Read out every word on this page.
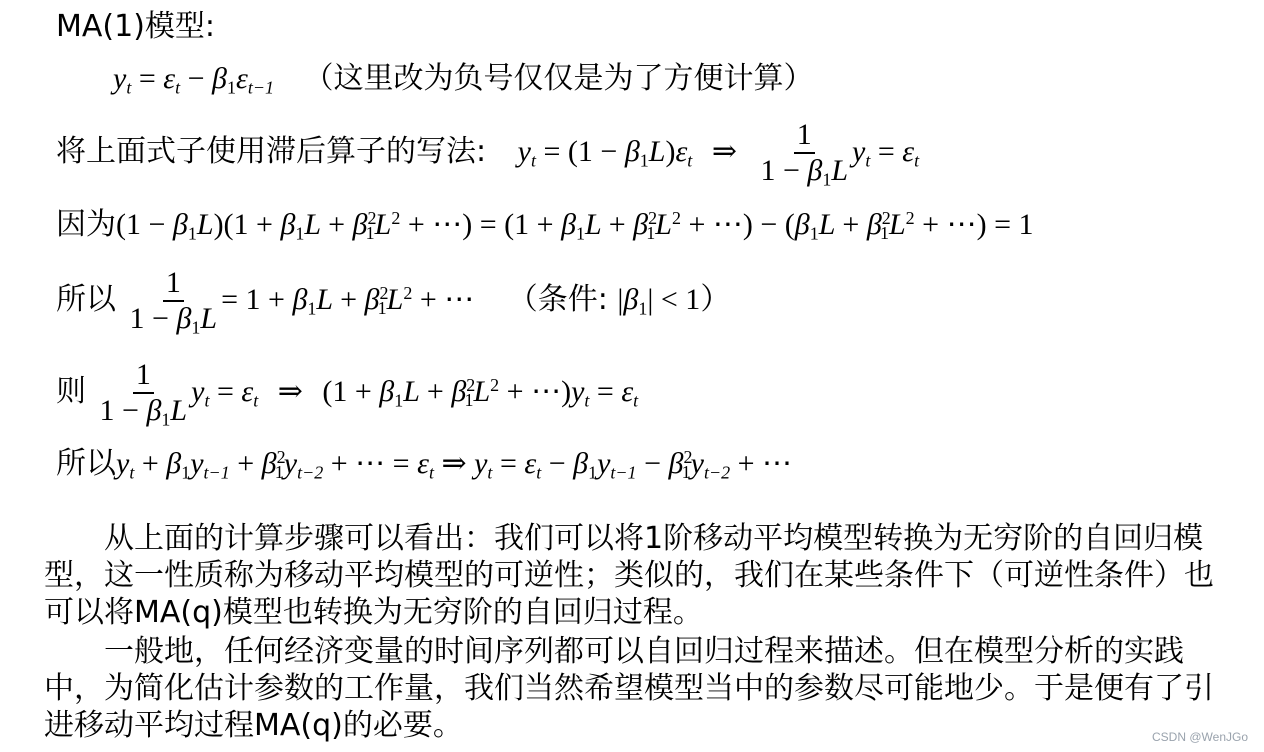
MA(1)模型:
$y_t = \varepsilon_t - \beta_1\varepsilon_{t-1}$ （这里改为负号仅仅是为了方便计算）
将上面式子使用滞后算子的写法: $y_t = (1 - \beta_1L)\varepsilon_t$ ⇒ $\frac{1}{1 - \beta_1L} y_t = \varepsilon_t$
因为$(1 - \beta_1L)(1 + \beta_1L + \beta^2_1L^2$ + ⋯) = ($1 + \beta_1L + \beta^2_1L^2$ + ⋯) − ($\beta_1L + \beta^2_1L^2$ + ⋯) = 1
所以 $\frac{1}{1 - \beta_1L} = 1 + \beta_1L + \beta^2_1L^2$ + ⋯ （条件: $|\beta_1| < 1$）
则 $\frac{1}{1 - \beta_1L} y_t = \varepsilon_t$ ⇒ ($1 + \beta_1L + \beta^2_1L^2$ + $\cdots)y_t = \varepsilon_t$
所以$y_t + \beta_1y_{t-1} + \beta^2_1y_{t-2}$ + ⋯ = $\varepsilon_t$ ⇒ $y_t = \varepsilon_t - \beta_1y_{t-1} - \beta^2_1y_{t-2}$ + ⋯
从上面的计算步骤可以看出：我们可以将1阶移动平均模型转换为无穷阶的自回归模型，这一性质称为移动平均模型的可逆性；类似的，我们在某些条件下（可逆性条件）也可以将MA(q)模型也转换为无穷阶的自回归过程。
一般地，任何经济变量的时间序列都可以自回归过程来描述。但在模型分析的实践中，为简化估计参数的工作量，我们当然希望模型当中的参数尽可能地少。于是便有了引进移动平均过程MA(q)的必要。	CSDN @WenJGo
